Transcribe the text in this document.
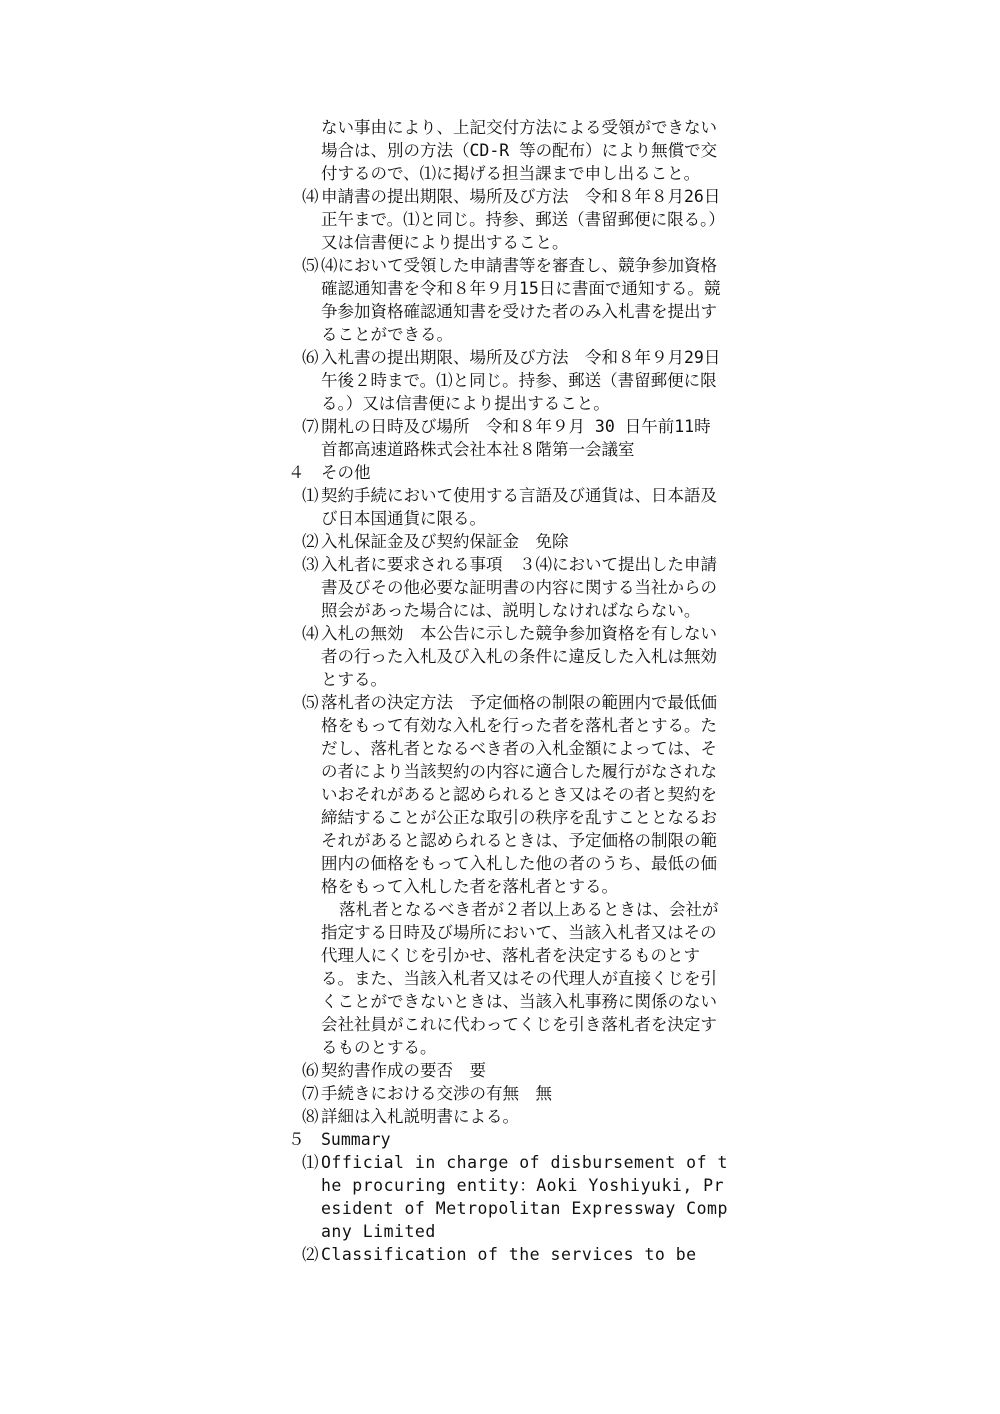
ない事由により、上記交付方法による受領ができない場合は、別の方法（CD-R 等の配布）により無償で交付するので、⑴に掲げる担当課まで申し出ること。
⑷ 申請書の提出期限、場所及び方法　令和８年８月26日　正午まで。⑴と同じ。持参、郵送（書留郵便に限る。）又は信書便により提出すること。
⑸ ⑷において受領した申請書等を審査し、競争参加資格確認通知書を令和８年９月15日に書面で通知する。競争参加資格確認通知書を受けた者のみ入札書を提出することができる。
⑹ 入札書の提出期限、場所及び方法　令和８年９月29日午後２時まで。⑴と同じ。持参、郵送（書留郵便に限る。）又は信書便により提出すること。
⑺ 開札の日時及び場所　令和８年９月 30 日午前11時　首都高速道路株式会社本社８階第一会議室
４ その他
⑴ 契約手続において使用する言語及び通貨は、日本語及び日本国通貨に限る。
⑵ 入札保証金及び契約保証金　免除
⑶ 入札者に要求される事項　３⑷において提出した申請書及びその他必要な証明書の内容に関する当社からの照会があった場合には、説明しなければならない。
⑷ 入札の無効　本公告に示した競争参加資格を有しない者の行った入札及び入札の条件に違反した入札は無効とする。
⑸ 落札者の決定方法　予定価格の制限の範囲内で最低価格をもって有効な入札を行った者を落札者とする。ただし、落札者となるべき者の入札金額によっては、その者により当該契約の内容に適合した履行がなされないおそれがあると認められるとき又はその者と契約を締結することが公正な取引の秩序を乱すこととなるおそれがあると認められるときは、予定価格の制限の範囲内の価格をもって入札した他の者のうち、最低の価格をもって入札した者を落札者とする。
落札者となるべき者が２者以上あるときは、会社が指定する日時及び場所において、当該入札者又はその代理人にくじを引かせ、落札者を決定するものとする。また、当該入札者又はその代理人が直接くじを引くことができないときは、当該入札事務に関係のない会社社員がこれに代わってくじを引き落札者を決定するものとする。
⑹ 契約書作成の要否　要
⑺ 手続きにおける交渉の有無　無
⑻ 詳細は入札説明書による。
５ Summary
⑴ Official in charge of disbursement of the procuring entity：Aoki Yoshiyuki, President of Metropolitan Expressway Company Limited
⑵ Classification of the services to be
